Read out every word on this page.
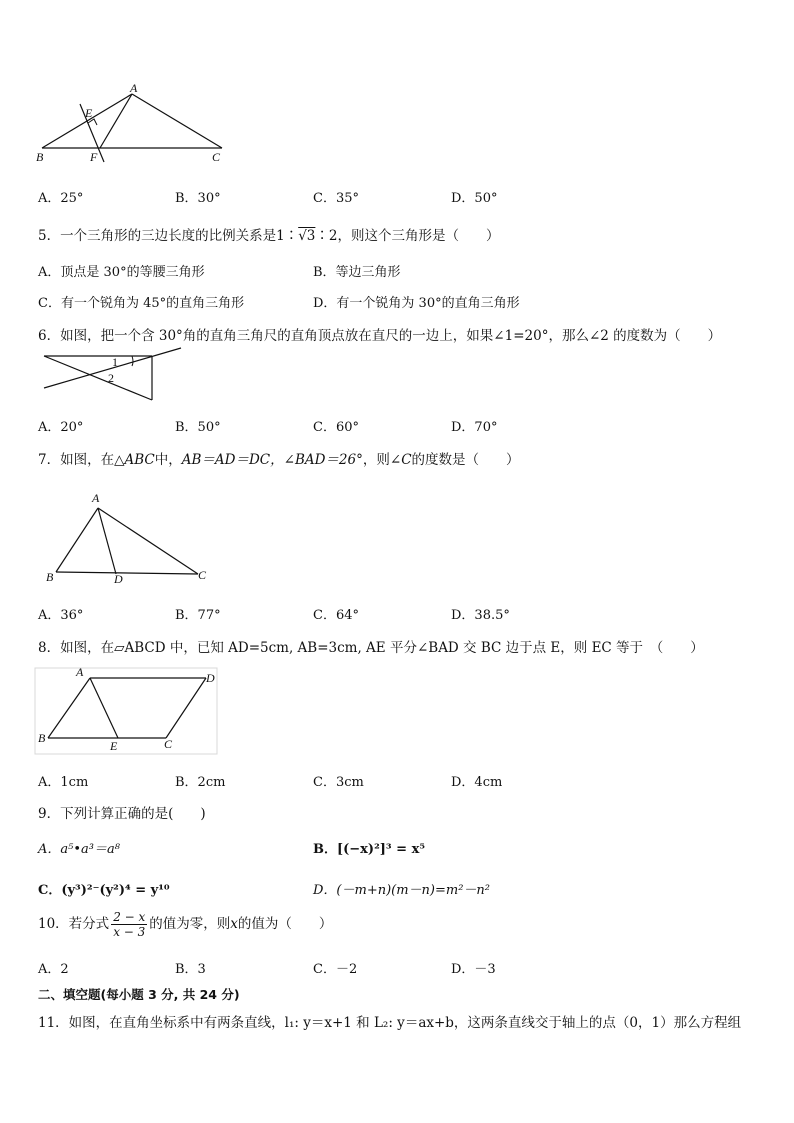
A
E
B	F	C
A．25°	B．30°	C．35°	D．50°
5．一个三角形的三边长度的比例关系是1∶√3∶2，则这个三角形是（　　）
A．顶点是 30°的等腰三角形	B．等边三角形
C．有一个锐角为 45°的直角三角形	D．有一个锐角为 30°的直角三角形
6．如图，把一个含 30°角的直角三角尺的直角顶点放在直尺的一边上，如果∠1=20°，那么∠2 的度数为（　　）
1
2
A．20°	B．50°	C．60°	D．70°
7．如图，在△ABC中，AB＝AD＝DC，∠BAD＝26°，则∠C的度数是（　　）
A
B	D	C
A．36°	B．77°	C．64°	D．38.5°
8．如图，在▱ABCD 中，已知 AD=5cm, AB=3cm, AE 平分∠BAD 交 BC 边于点 E，则 EC 等于　（　　）
A	D
B
E	C
A．1cm	B．2cm	C．3cm	D．4cm
9．下列计算正确的是(　　)
A．a⁵•a³＝a⁸	B．[(−x)²]³ = x⁵
C．(y³)²⁻(y²)⁴ = y¹⁰	D．(－m+n)(m－n)=m²－n²
10．若分式 $\frac{2 - x}{x - 3}$ 的值为零，则x的值为（　　）
A．2	B．3	C．－2	D．－3
二、填空题(每小题 3 分, 共 24 分)
11．如图，在直角坐标系中有两条直线，l₁: y＝x+1 和 L₂: y＝ax+b，这两条直线交于轴上的点（0，1）那么方程组
